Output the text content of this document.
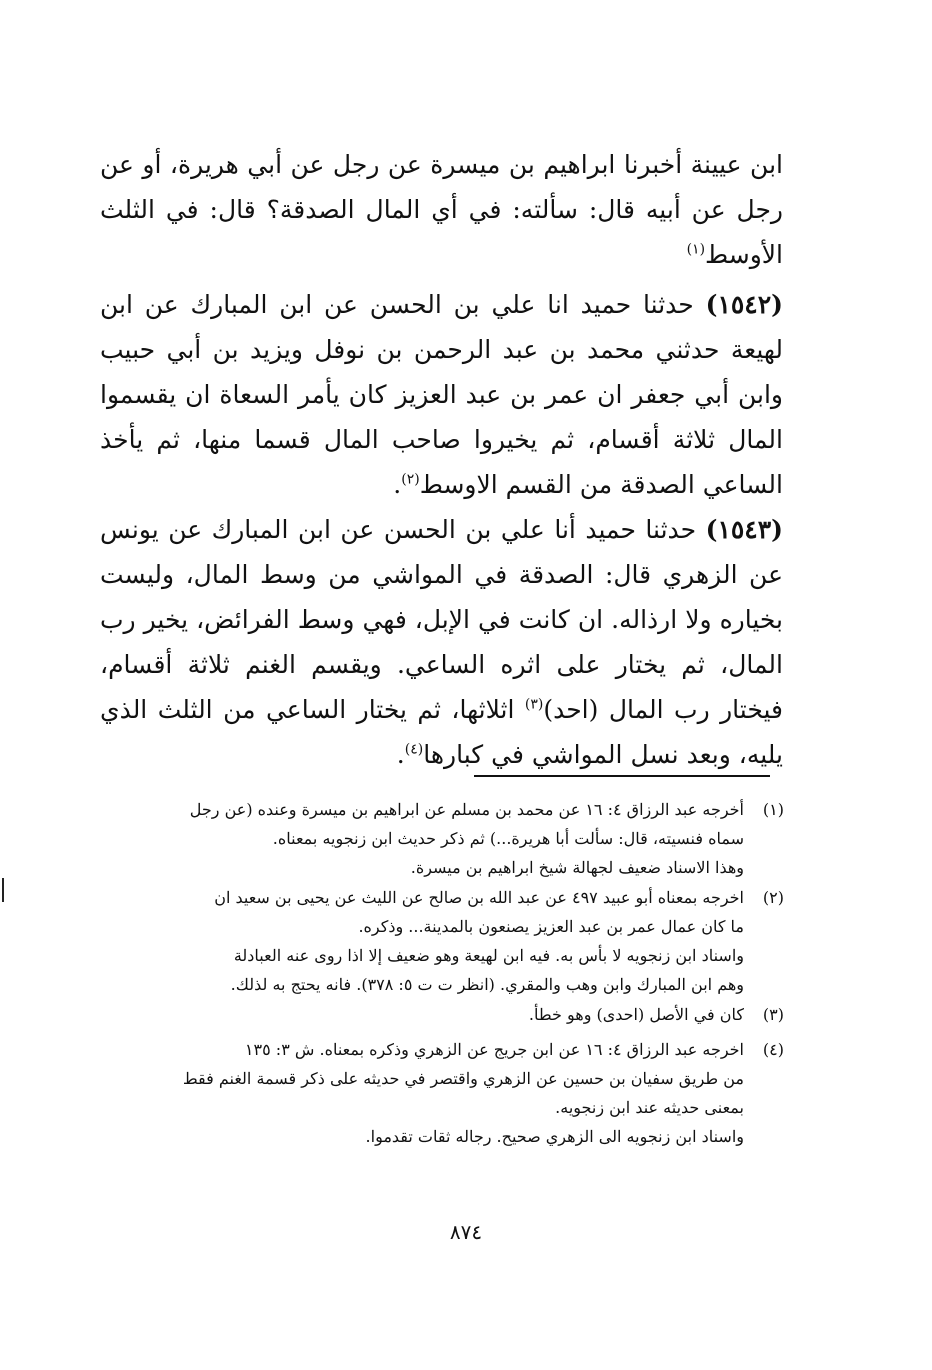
ابن عيينة أخبرنا ابراهيم بن ميسرة عن رجل عن أبي هريرة، أو عن رجل عن أبيه قال: سألته: في أي المال الصدقة؟ قال: في الثلث الأوسط$^{(١)}$

(١٥٤٢) حدثنا حميد انا علي بن الحسن عن ابن المبارك عن ابن لهيعة حدثني محمد بن عبد الرحمن بن نوفل ويزيد بن أبي حبيب وابن أبي جعفر ان عمر بن عبد العزيز كان يأمر السعاة ان يقسموا المال ثلاثة أقسام، ثم يخيروا صاحب المال قسما منها، ثم يأخذ الساعي الصدقة من القسم الاوسط$^{(٢)}$.

(١٥٤٣) حدثنا حميد أنا علي بن الحسن عن ابن المبارك عن يونس عن الزهري قال: الصدقة في المواشي من وسط المال، وليست بخياره ولا ارذاله. ان كانت في الإبل، فهي وسط الفرائض، يخير رب المال، ثم يختار على اثره الساعي. ويقسم الغنم ثلاثة أقسام، فيختار رب المال (احد)$^{(٣)}$ اثلاثها، ثم يختار الساعي من الثلث الذي يليه، وبعد نسل المواشي في كبارها$^{(٤)}$.

(١)
أخرجه عبد الرزاق ٤: ١٦ عن محمد بن مسلم عن ابراهيم بن ميسرة وعنده (عن رجل
سماه فنسيته، قال: سألت أبا هريرة...) ثم ذكر حديث ابن زنجويه بمعناه.
وهذا الاسناد ضعيف لجهالة شيخ ابراهيم بن ميسرة.
(٢)
اخرجه بمعناه أبو عبيد ٤٩٧ عن عبد الله بن صالح عن الليث عن يحيى بن سعيد ان
ما كان عمال عمر بن عبد العزيز يصنعون بالمدينة... وذكره.
واسناد ابن زنجويه لا بأس به. فيه ابن لهيعة وهو ضعيف إلا اذا روى عنه العبادلة
وهم ابن المبارك وابن وهب والمقري. (انظر ت ت ٥: ٣٧٨). فانه يحتج به لذلك.
(٣)
كان في الأصل (احدى) وهو خطأ.
(٤)
اخرجه عبد الرزاق ٤: ١٦ عن ابن جريج عن الزهري وذكره بمعناه. ش ٣: ١٣٥
من طريق سفيان بن حسين عن الزهري واقتصر في حديثه على ذكر قسمة الغنم فقط
بمعنى حديثه عند ابن زنجويه.
واسناد ابن زنجويه الى الزهري صحيح. رجاله ثقات تقدموا.
٨٧٤
